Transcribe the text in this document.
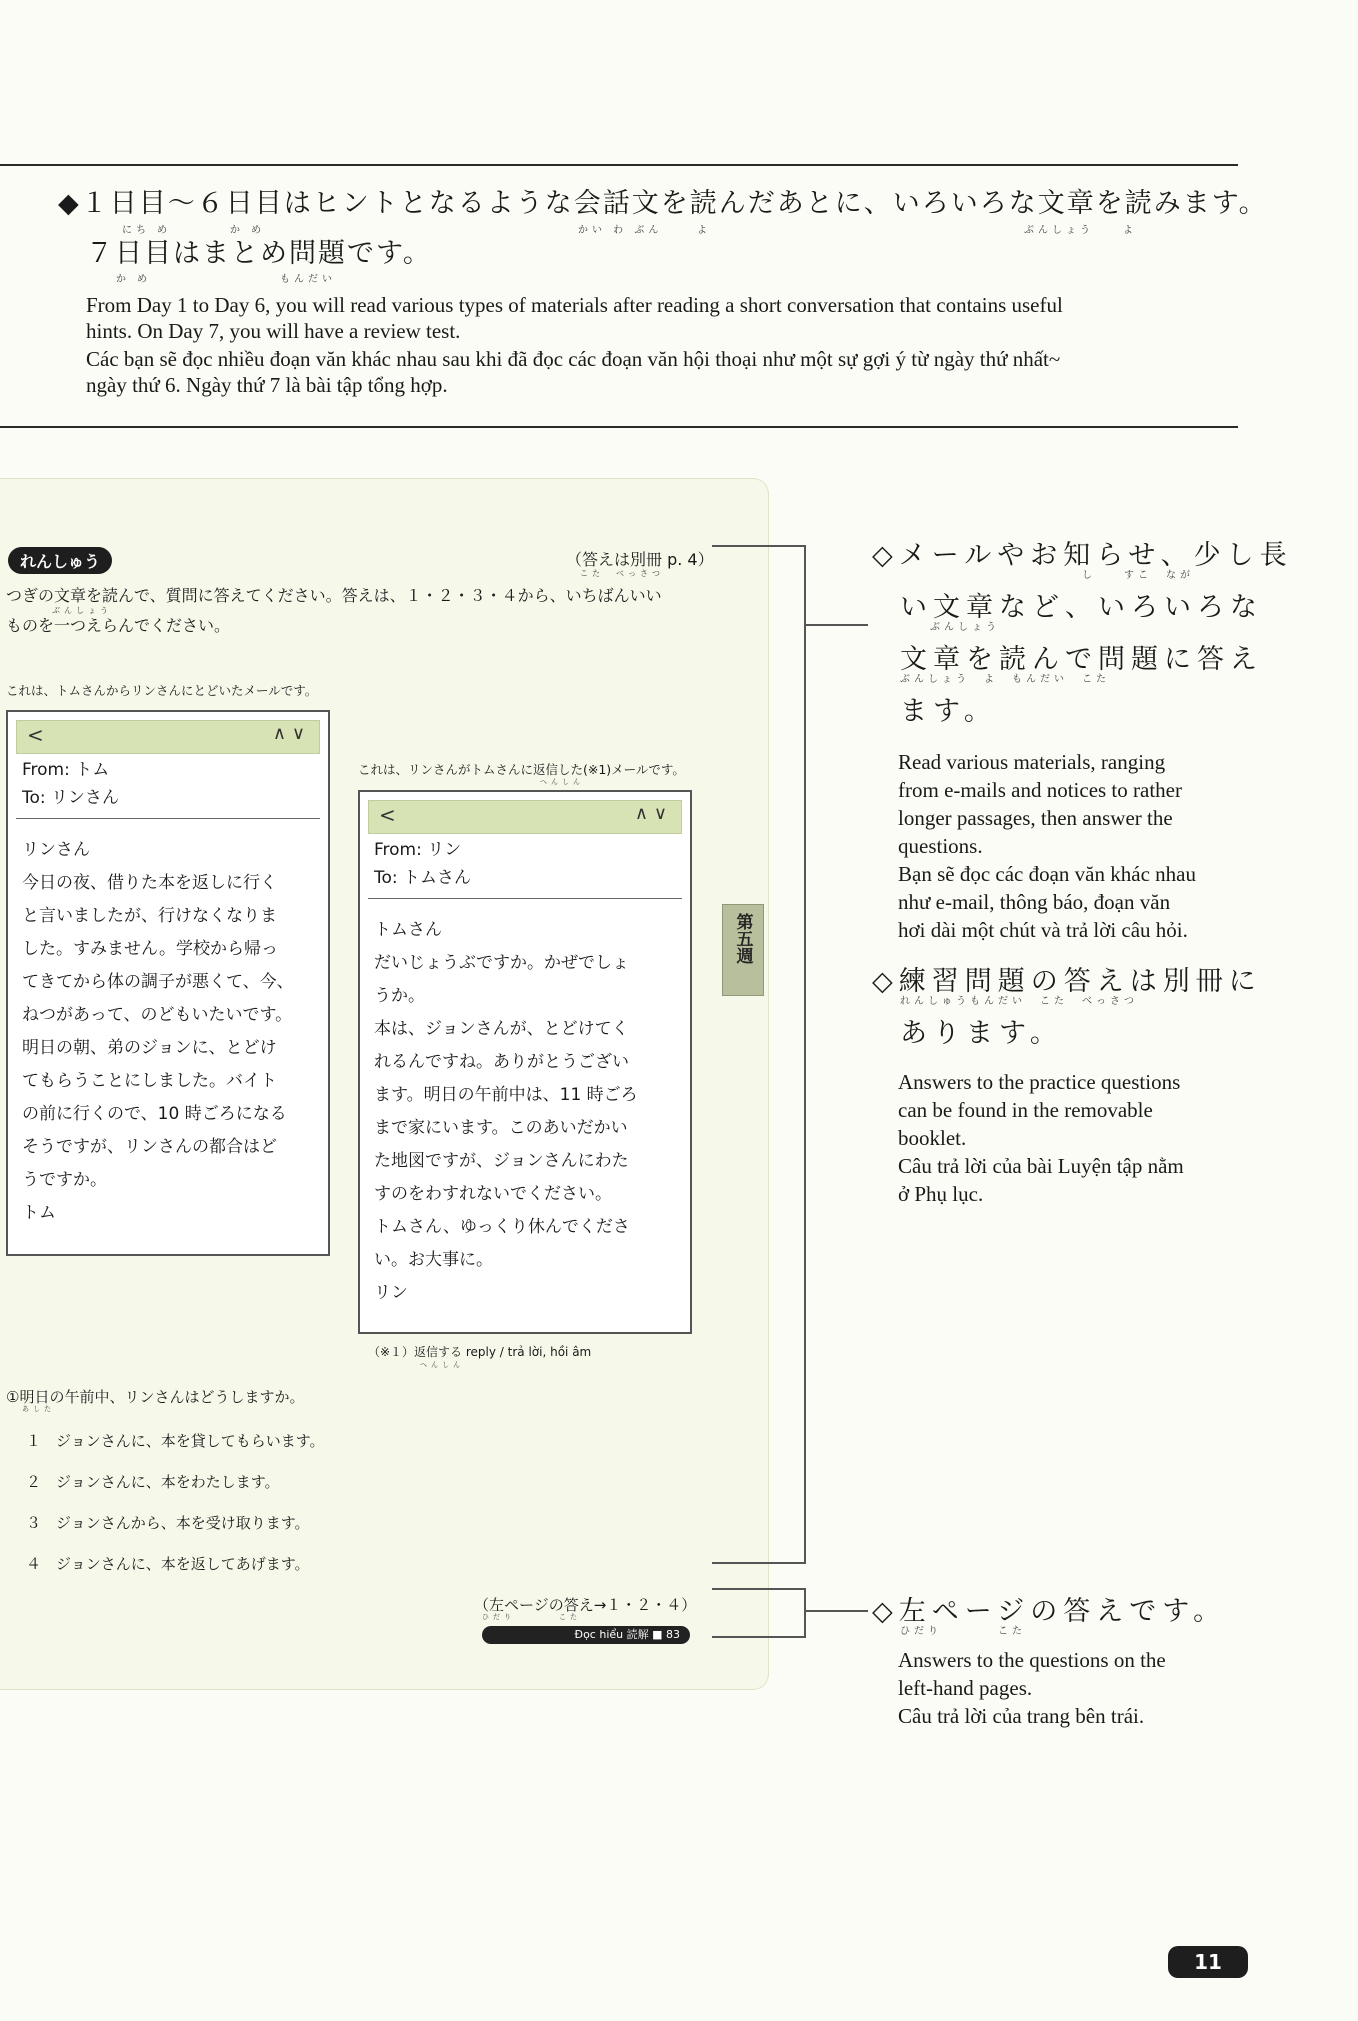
◆１日目〜６日目はヒントとなるような会話文を読んだあとに、いろいろな文章を読みます。
にち め	か め	かい わ ぶん	よ	ぶんしょう	よ
７日目はまとめ問題です。
か め	もんだい
From Day 1 to Day 6, you will read various types of materials after reading a short conversation that contains useful
hints. On Day 7, you will have a review test.
Các bạn sẽ đọc nhiều đoạn văn khác nhau sau khi đã đọc các đoạn văn hội thoại như một sự gợi ý từ ngày thứ nhất~
ngày thứ 6. Ngày thứ 7 là bài tập tổng hợp.
れんしゅう	（答えは別冊 p. 4）
こた　べっさつ
つぎの文章を読んで、質問に答えてください。答えは、１・２・３・４から、いちばんいい
ぶんしょう
ものを一つえらんでください。
これは、トムさんからリンさんにとどいたメールです。
<	∧ ∨
From: トム
To: リンさん
リンさん
今日の夜、借りた本を返しに行く
と言いましたが、行けなくなりま
した。すみません。学校から帰っ
てきてから体の調子が悪くて、今、
ねつがあって、のどもいたいです。
明日の朝、弟のジョンに、とどけ
てもらうことにしました。バイト
の前に行くので、10 時ごろになる
そうですが、リンさんの都合はど
うですか。
トム
これは、リンさんがトムさんに返信した(※1)メールです。
へんしん
<	∧ ∨
From: リン
To: トムさん
トムさん
だいじょうぶですか。かぜでしょ
うか。
本は、ジョンさんが、とどけてく
れるんですね。ありがとうござい
ます。明日の午前中は、11 時ごろ
まで家にいます。このあいだかい
た地図ですが、ジョンさんにわた
すのをわすれないでください。
トムさん、ゆっくり休んでくださ
い。お大事に。
リン
（※１）返信する reply / trả lời, hồi âm
へんしん
第五週
①明日の午前中、リンさんはどうしますか。
あした
１　ジョンさんに、本を貸してもらいます。
２　ジョンさんに、本をわたします。
３　ジョンさんから、本を受け取ります。
４　ジョンさんに、本を返してあげます。
（左ページの答え→１・２・４）
ひだり　　　　こた
Đọc hiểu 読解 ■ 83
◇メールやお知らせ、少し長
し　　すこ　なが
い文章など、いろいろな
ぶんしょう
文章を読んで問題に答え
ぶんしょう　よ　もんだい　こた
ます。
Read various materials, ranging
from e-mails and notices to rather
longer passages, then answer the
questions.
Bạn sẽ đọc các đoạn văn khác nhau
như e-mail, thông báo, đoạn văn
hơi dài một chút và trả lời câu hỏi.
◇練習問題の答えは別冊に
れんしゅうもんだい　こた　べっさつ
あります。
Answers to the practice questions
can be found in the removable
booklet.
Câu trả lời của bài Luyện tập nằm
ở Phụ lục.
◇左ページの答えです。
ひだり　　　　こた
Answers to the questions on the
left-hand pages.
Câu trả lời của trang bên trái.
11
